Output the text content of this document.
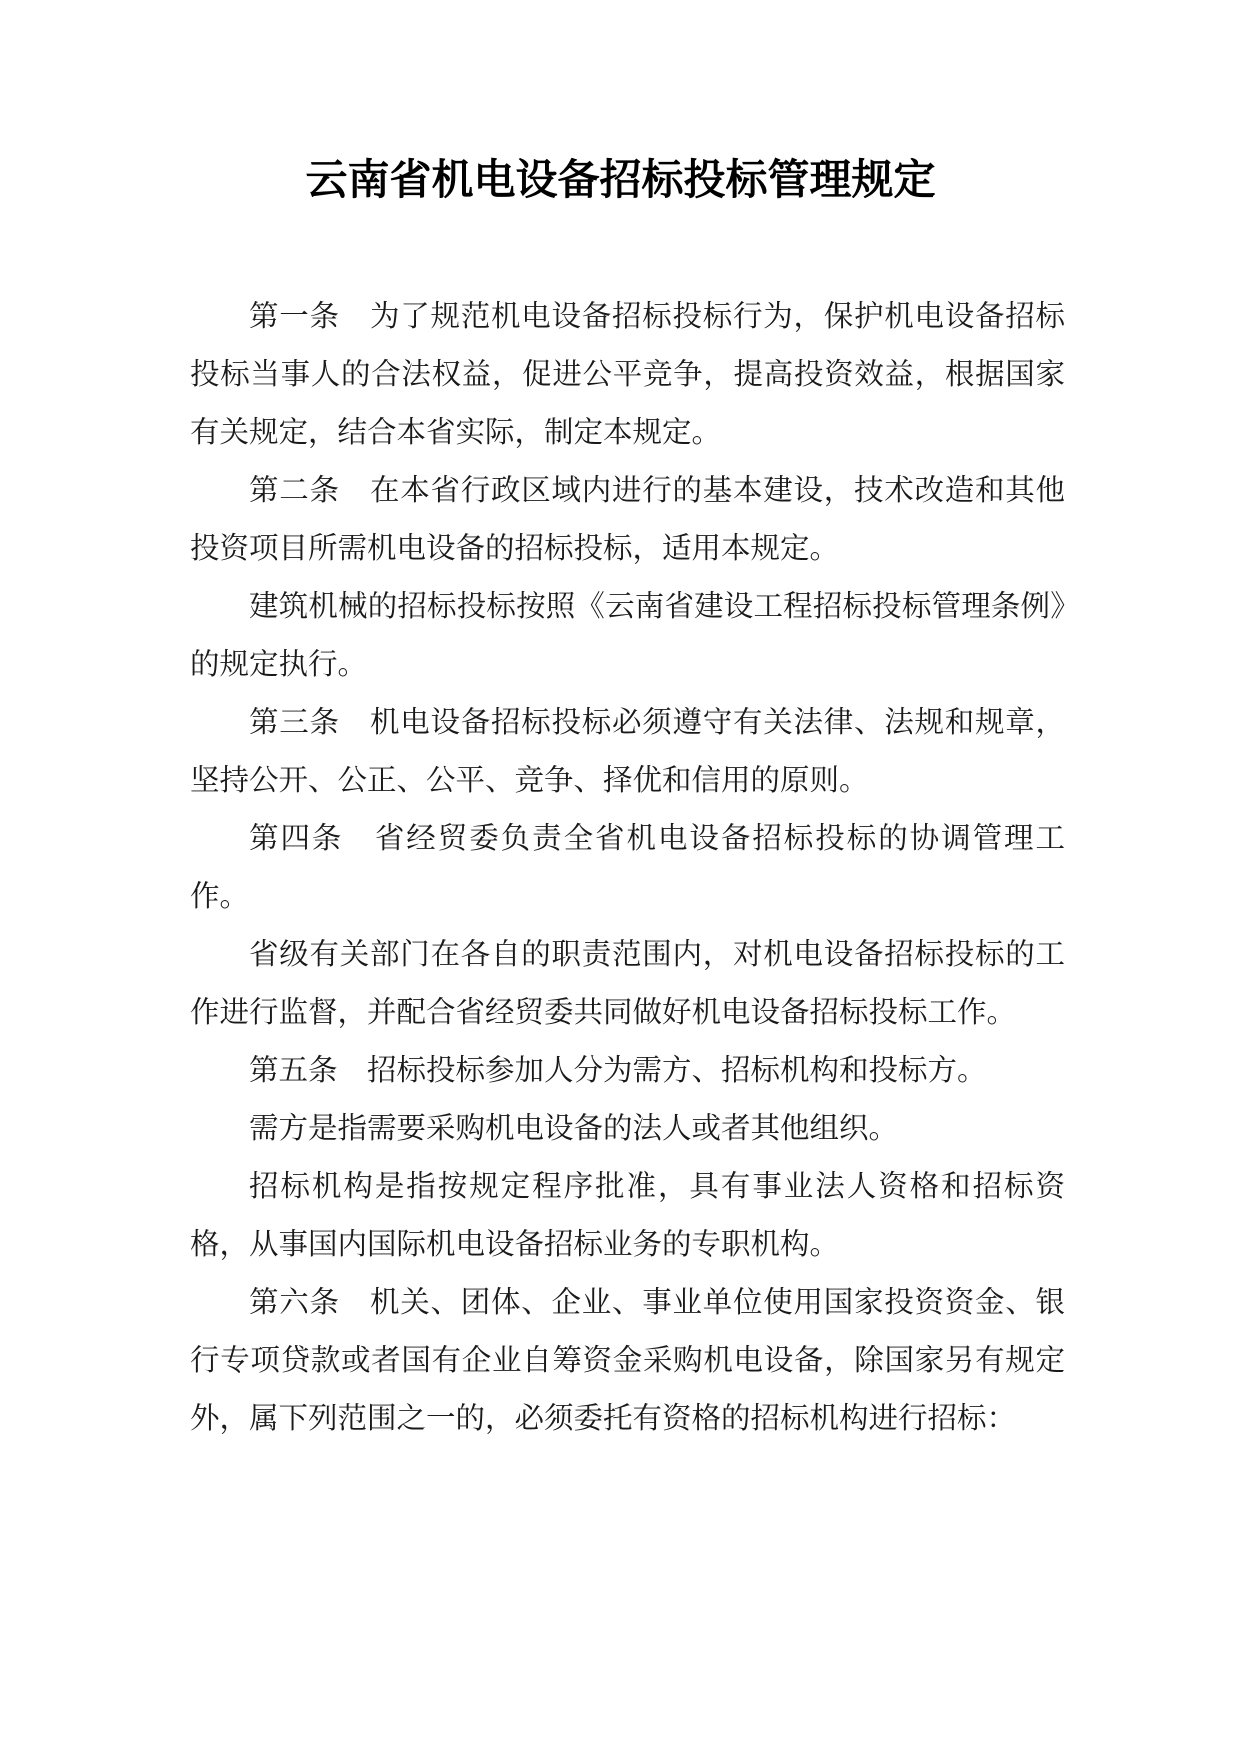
云南省机电设备招标投标管理规定

第一条　为了规范机电设备招标投标行为，保护机电设备招标投标当事人的合法权益，促进公平竞争，提高投资效益，根据国家有关规定，结合本省实际，制定本规定。

第二条　在本省行政区域内进行的基本建设，技术改造和其他投资项目所需机电设备的招标投标，适用本规定。

建筑机械的招标投标按照《云南省建设工程招标投标管理条例》的规定执行。

第三条　机电设备招标投标必须遵守有关法律、法规和规章，坚持公开、公正、公平、竞争、择优和信用的原则。

第四条　省经贸委负责全省机电设备招标投标的协调管理工作。

省级有关部门在各自的职责范围内，对机电设备招标投标的工作进行监督，并配合省经贸委共同做好机电设备招标投标工作。

第五条　招标投标参加人分为需方、招标机构和投标方。

需方是指需要采购机电设备的法人或者其他组织。

招标机构是指按规定程序批准，具有事业法人资格和招标资格，从事国内国际机电设备招标业务的专职机构。

第六条　机关、团体、企业、事业单位使用国家投资资金、银行专项贷款或者国有企业自筹资金采购机电设备，除国家另有规定外，属下列范围之一的，必须委托有资格的招标机构进行招标：
